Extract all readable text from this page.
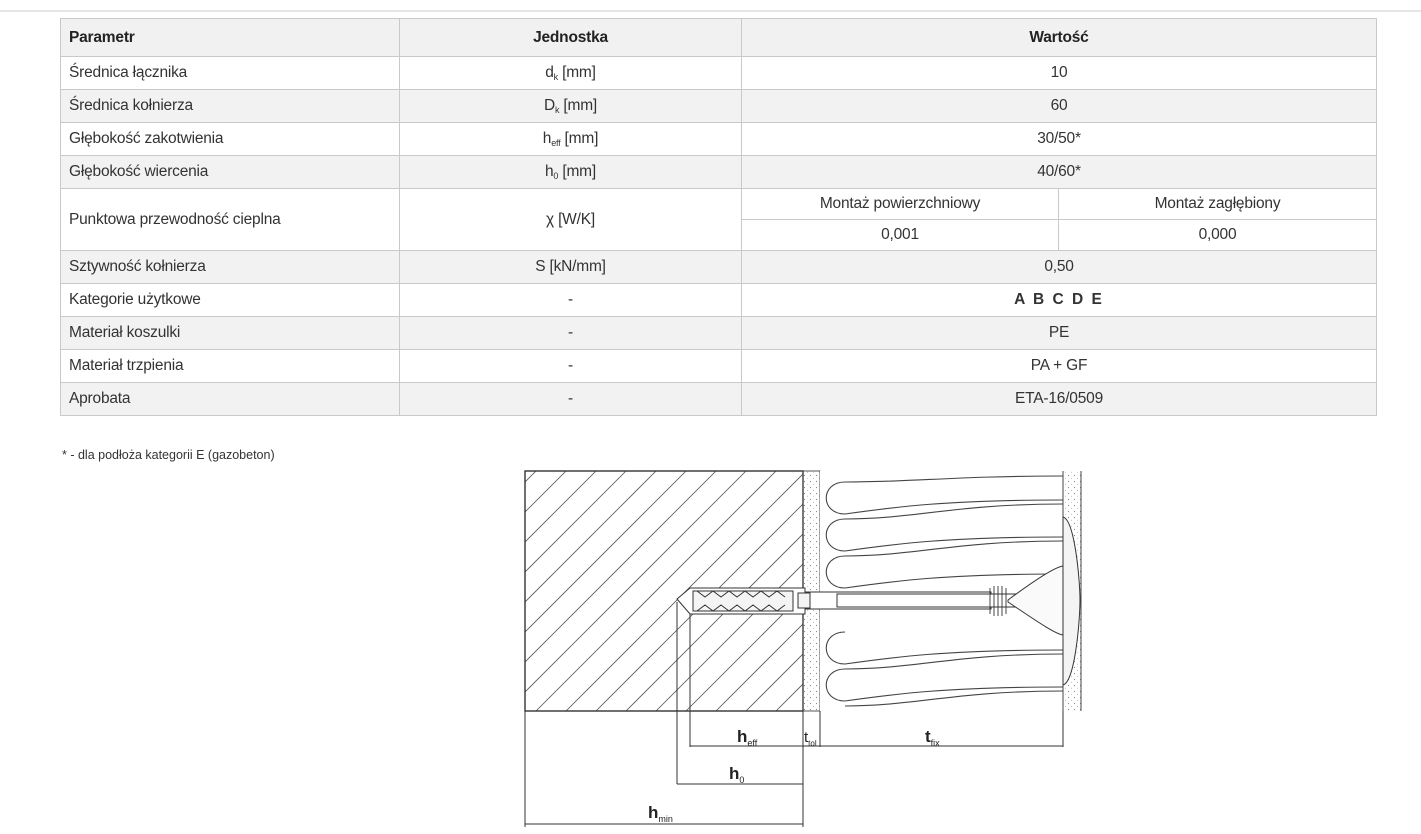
Parametr	Jednostka	Wartość	
Średnica łącznika	$d_k$ [mm]	10	
Średnica kołnierza	$D_k$ [mm]	60	
Głębokość zakotwienia	$h_{eff}$ [mm]	30/50*	
Głębokość wiercenia	$h_0$ [mm]	40/60*	
Punktowa przewodność cieplna	χ [W/K]	Montaż powierzchniowy	Montaż zagłębiony
		0,001	0,000
Sztywność kołnierza	S [kN/mm]	0,50	
Kategorie użytkowe	-	A B C D E	
Materiał koszulki	-	PE	
Materiał trzpienia	-	PA + GF	
Aprobata	-	ETA-16/0509	
* - dla podłoża kategorii E (gazobeton)
$h_{eff}$	$t_{tol}$	$t_{fix}$
$h_0$
$h_{min}$
